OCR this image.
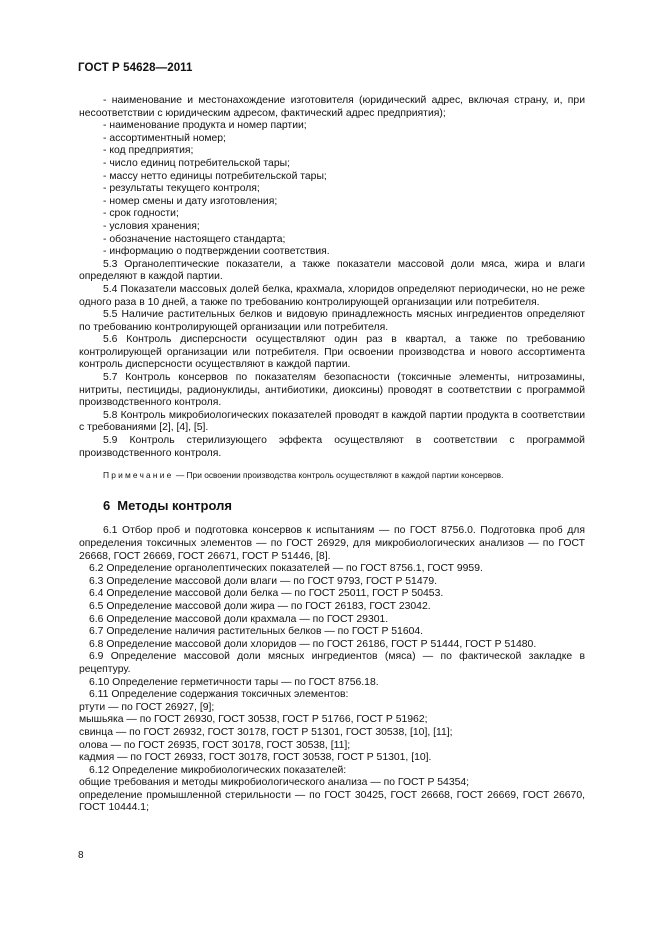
ГОСТ Р 54628—2011

- наименование и местонахождение изготовителя (юридический адрес, включая страну, и, при несоответствии с юридическим адресом, фактический адрес предприятия);

- наименование продукта и номер партии;

- ассортиментный номер;

- код предприятия;

- число единиц потребительской тары;

- массу нетто единицы потребительской тары;

- результаты текущего контроля;

- номер смены и дату изготовления;

- срок годности;

- условия хранения;

- обозначение настоящего стандарта;

- информацию о подтверждении соответствия.

5.3 Органолептические показатели, а также показатели массовой доли мяса, жира и влаги определяют в каждой партии.

5.4 Показатели массовых долей белка, крахмала, хлоридов определяют периодически, но не реже одного раза в 10 дней, а также по требованию контролирующей организации или потребителя.

5.5 Наличие растительных белков и видовую принадлежность мясных ингредиентов определяют по требованию контролирующей организации или потребителя.

5.6 Контроль дисперсности осуществляют один раз в квартал, а также по требованию контролирующей организации или потребителя. При освоении производства и нового ассортимента контроль дисперсности осуществляют в каждой партии.

5.7 Контроль консервов по показателям безопасности (токсичные элементы, нитрозамины, нитриты, пестициды, радионуклиды, антибиотики, диоксины) проводят в соответствии с программой производственного контроля.

5.8 Контроль микробиологических показателей проводят в каждой партии продукта в соответствии с требованиями [2], [4], [5].

5.9 Контроль стерилизующего эффекта осуществляют в соответствии с программой производственного контроля.

Примечание — При освоении производства контроль осуществляют в каждой партии консервов.

6 Методы контроля

6.1 Отбор проб и подготовка консервов к испытаниям — по ГОСТ 8756.0. Подготовка проб для определения токсичных элементов — по ГОСТ 26929, для микробиологических анализов — по ГОСТ 26668, ГОСТ 26669, ГОСТ 26671, ГОСТ Р 51446, [8].

6.2 Определение органолептических показателей — по ГОСТ 8756.1, ГОСТ 9959.

6.3 Определение массовой доли влаги — по ГОСТ 9793, ГОСТ Р 51479.

6.4 Определение массовой доли белка — по ГОСТ 25011, ГОСТ Р 50453.

6.5 Определение массовой доли жира — по ГОСТ 26183, ГОСТ 23042.

6.6 Определение массовой доли крахмала — по ГОСТ 29301.

6.7 Определение наличия растительных белков — по ГОСТ Р 51604.

6.8 Определение массовой доли хлоридов — по ГОСТ 26186, ГОСТ Р 51444, ГОСТ Р 51480.

6.9 Определение массовой доли мясных ингредиентов (мяса) — по фактической закладке в рецептуру.

6.10 Определение герметичности тары — по ГОСТ 8756.18.

6.11 Определение содержания токсичных элементов:

ртути — по ГОСТ 26927, [9];

мышьяка — по ГОСТ 26930, ГОСТ 30538, ГОСТ Р 51766, ГОСТ Р 51962;

свинца — по ГОСТ 26932, ГОСТ 30178, ГОСТ Р 51301, ГОСТ 30538, [10], [11];

олова — по ГОСТ 26935, ГОСТ 30178, ГОСТ 30538, [11];

кадмия — по ГОСТ 26933, ГОСТ 30178, ГОСТ 30538, ГОСТ Р 51301, [10].

6.12 Определение микробиологических показателей:

общие требования и методы микробиологического анализа — по ГОСТ Р 54354;

определение промышленной стерильности — по ГОСТ 30425, ГОСТ 26668, ГОСТ 26669, ГОСТ 26670, ГОСТ 10444.1;

8
